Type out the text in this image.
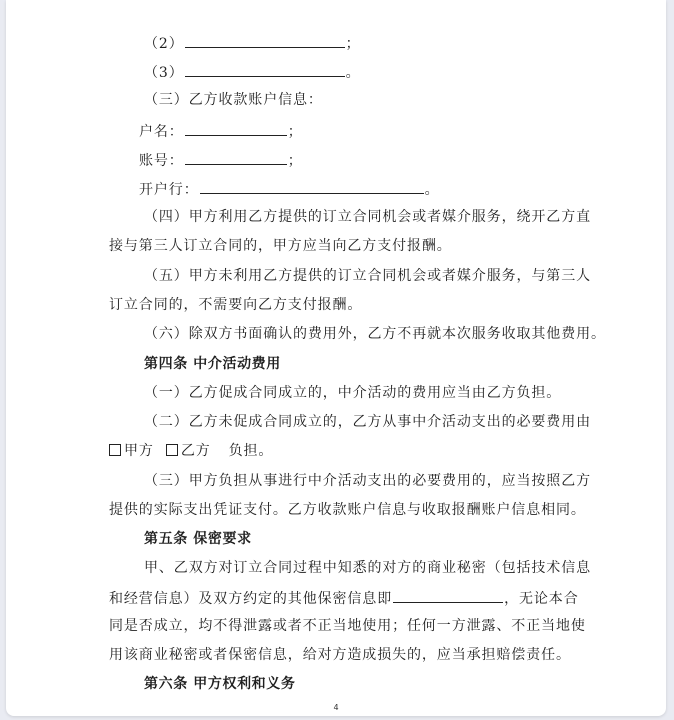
（2）	；
（3）	。
（三）乙方收款账户信息：
户名：	；
账号：	；
开户行：	。
（四）甲方利用乙方提供的订立合同机会或者媒介服务，绕开乙方直
接与第三人订立合同的，甲方应当向乙方支付报酬。
（五）甲方未利用乙方提供的订立合同机会或者媒介服务，与第三人
订立合同的，不需要向乙方支付报酬。
（六）除双方书面确认的费用外，乙方不再就本次服务收取其他费用。
第四条 中介活动费用
（一）乙方促成合同成立的，中介活动的费用应当由乙方负担。
（二）乙方未促成合同成立的，乙方从事中介活动支出的必要费用由
甲方 乙方 负担。
（三）甲方负担从事进行中介活动支出的必要费用的，应当按照乙方
提供的实际支出凭证支付。乙方收款账户信息与收取报酬账户信息相同。
第五条 保密要求
甲、乙双方对订立合同过程中知悉的对方的商业秘密（包括技术信息
和经营信息）及双方约定的其他保密信息即	，无论本合
同是否成立，均不得泄露或者不正当地使用；任何一方泄露、不正当地使
用该商业秘密或者保密信息，给对方造成损失的，应当承担赔偿责任。
第六条 甲方权利和义务
4
